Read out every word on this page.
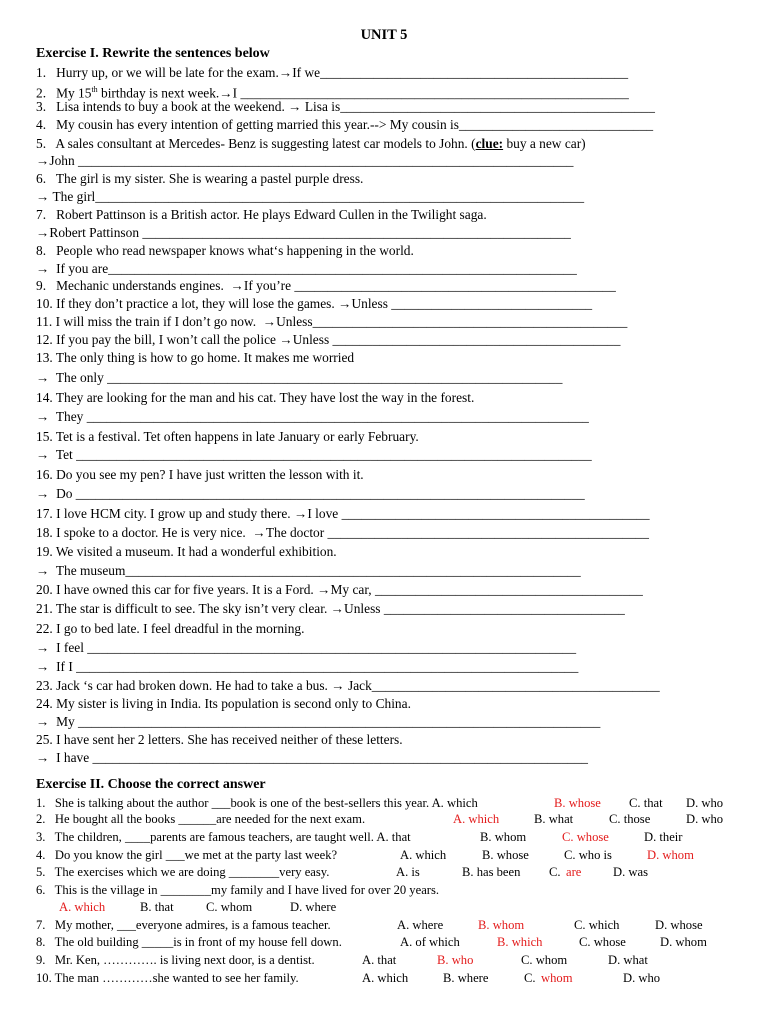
UNIT 5
Exercise I. Rewrite the sentences below
1.   Hurry up, or we will be late for the exam.→If we______________________________________________
2.   My 15th birthday is next week.→I __________________________________________________________
3.   Lisa intends to buy a book at the weekend. → Lisa is_______________________________________________
4.   My cousin has every intention of getting married this year.--> My cousin is_____________________________
5.   A sales consultant at Mercedes- Benz is suggesting latest car models to John. (clue: buy a new car)
→John __________________________________________________________________________
6.   The girl is my sister. She is wearing a pastel purple dress.
→ The girl_________________________________________________________________________
7.   Robert Pattinson is a British actor. He plays Edward Cullen in the Twilight saga.
→Robert Pattinson ________________________________________________________________
8.   People who read newspaper knows what‘s happening in the world.
→  If you are______________________________________________________________________
9.   Mechanic understands engines.  →If you’re ________________________________________________
10. If they don’t practice a lot, they will lose the games. →Unless ______________________________
11. I will miss the train if I don’t go now.  →Unless_______________________________________________
12. If you pay the bill, I won’t call the police →Unless ___________________________________________
13. The only thing is how to go home. It makes me worried
→  The only ____________________________________________________________________
14. They are looking for the man and his cat. They have lost the way in the forest.
→  They ___________________________________________________________________________
15. Tet is a festival. Tet often happens in late January or early February.
→  Tet _____________________________________________________________________________
16. Do you see my pen? I have just written the lesson with it.
→  Do ____________________________________________________________________________
17. I love HCM city. I grow up and study there. →I love ______________________________________________
18. I spoke to a doctor. He is very nice.  →The doctor ________________________________________________
19. We visited a museum. It had a wonderful exhibition.
→  The museum____________________________________________________________________
20. I have owned this car for five years. It is a Ford. →My car, ________________________________________
21. The star is difficult to see. The sky isn’t very clear. →Unless ____________________________________
22. I go to bed late. I feel dreadful in the morning.
→  I feel _________________________________________________________________________
→  If I ___________________________________________________________________________
23. Jack ‘s car had broken down. He had to take a bus. → Jack___________________________________________
24. My sister is living in India. Its population is second only to China.
→  My ______________________________________________________________________________
25. I have sent her 2 letters. She has received neither of these letters.
→  I have __________________________________________________________________________
Exercise II. Choose the correct answer
1.   She is talking about the author ___book is one of the best-sellers this year. A. which	B. whose C. that D. who
2.   He bought all the books ______are needed for the next exam.	A. which	B. what	C. those	D. who
3.   The children, ____parents are famous teachers, are taught well. A. that	B. whom	C. whose	D. their
4.   Do you know the girl ___we met at the party last week?	A. which	B. whose	C. who is	D. whom
5.   The exercises which we are doing ________very easy.	A. is	B. has been C. are	D. was
6.   This is the village in ________my family and I have lived for over 20 years.
A. which	B. that	C. whom	D. where
7.   My mother, ___everyone admires, is a famous teacher.	A. where	B. whom	C. which	D. whose
8.   The old building _____is in front of my house fell down.	A. of which	B. which	C. whose	D. whom
9.   Mr. Ken, …………. is living next door, is a dentist.	A. that	B. who	C. whom	D. what
10. The man …………she wanted to see her family.	A. which	B. where	C. whom	D. who
